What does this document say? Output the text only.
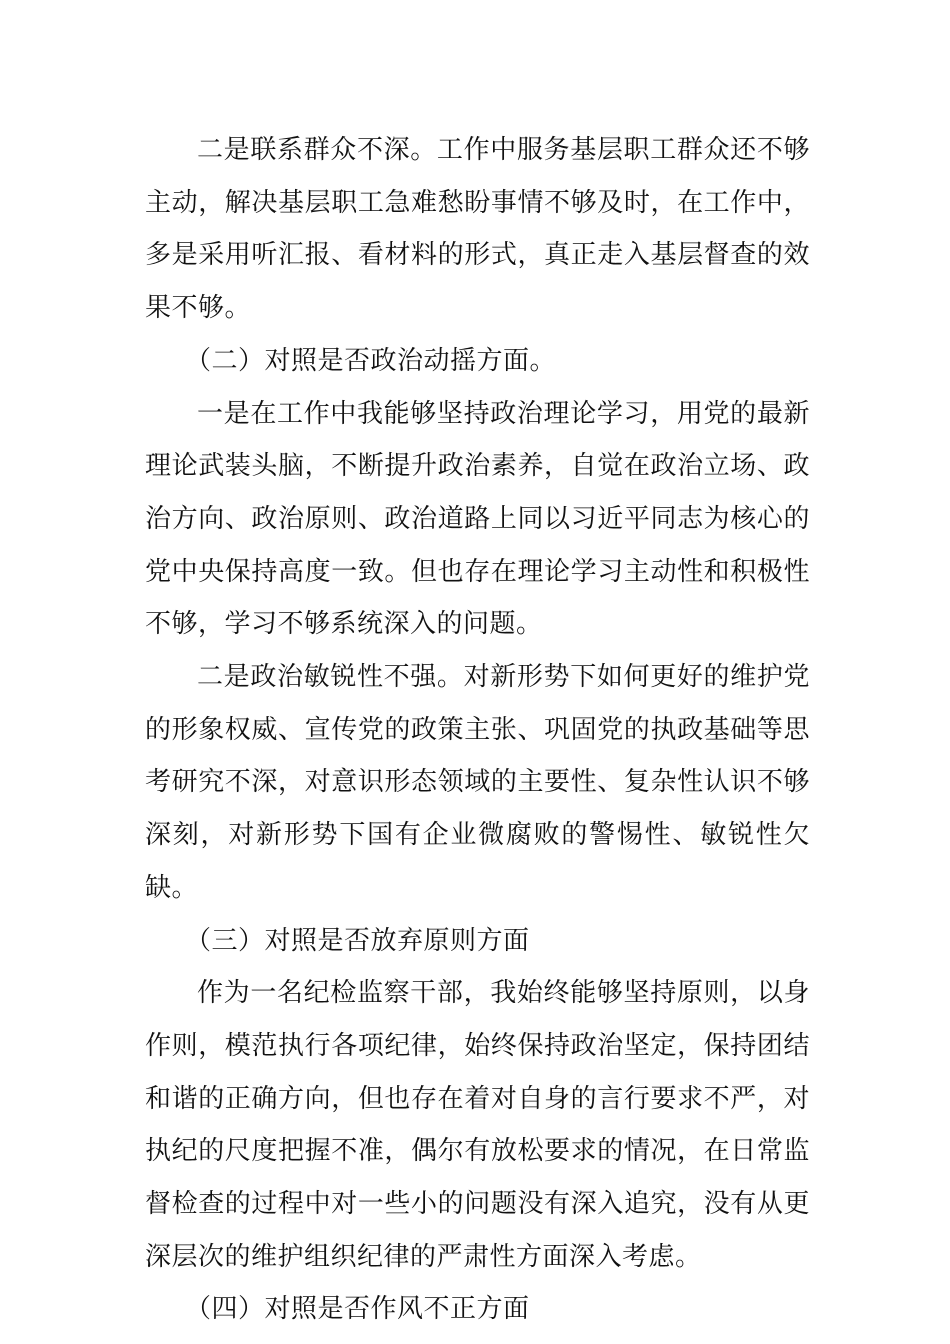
二是联系群众不深。工作中服务基层职工群众还不够主动，解决基层职工急难愁盼事情不够及时，在工作中，多是采用听汇报、看材料的形式，真正走入基层督查的效果不够。

（二）对照是否政治动摇方面。

一是在工作中我能够坚持政治理论学习，用党的最新理论武装头脑，不断提升政治素养，自觉在政治立场、政治方向、政治原则、政治道路上同以习近平同志为核心的党中央保持高度一致。但也存在理论学习主动性和积极性不够，学习不够系统深入的问题。

二是政治敏锐性不强。对新形势下如何更好的维护党的形象权威、宣传党的政策主张、巩固党的执政基础等思考研究不深，对意识形态领域的主要性、复杂性认识不够深刻，对新形势下国有企业微腐败的警惕性、敏锐性欠缺。

（三）对照是否放弃原则方面

作为一名纪检监察干部，我始终能够坚持原则，以身作则，模范执行各项纪律，始终保持政治坚定，保持团结和谐的正确方向，但也存在着对自身的言行要求不严，对执纪的尺度把握不准，偶尔有放松要求的情况，在日常监督检查的过程中对一些小的问题没有深入追究，没有从更深层次的维护组织纪律的严肃性方面深入考虑。

（四）对照是否作风不正方面
